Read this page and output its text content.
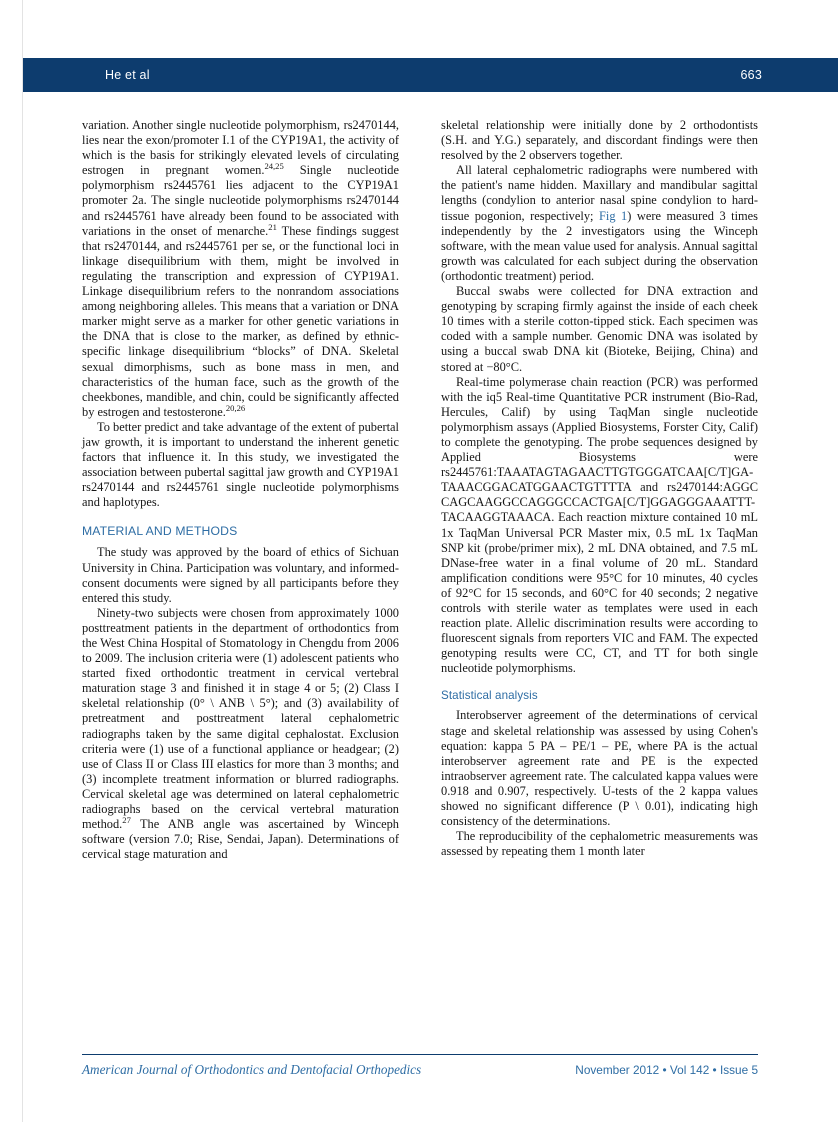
He et al	663

variation. Another single nucleotide polymorphism, rs2470144, lies near the exon/promoter I.1 of the CYP19A1, the activity of which is the basis for strikingly elevated levels of circulating estrogen in pregnant women.$^{24,25}$ Single nucleotide polymorphism rs2445761 lies adjacent to the CYP19A1 promoter 2a. The single nucleotide polymorphisms rs2470144 and rs2445761 have already been found to be associated with variations in the onset of menarche.$^{21}$ These findings suggest that rs2470144, and rs2445761 per se, or the functional loci in linkage disequilibrium with them, might be involved in regulating the transcription and expression of CYP19A1. Linkage disequilibrium refers to the nonrandom associations among neighboring alleles. This means that a variation or DNA marker might serve as a marker for other genetic variations in the DNA that is close to the marker, as defined by ethnic-specific linkage disequilibrium “blocks” of DNA. Skeletal sexual dimorphisms, such as bone mass in men, and characteristics of the human face, such as the growth of the cheekbones, mandible, and chin, could be significantly affected by estrogen and testosterone.$^{20,26}$

To better predict and take advantage of the extent of pubertal jaw growth, it is important to understand the inherent genetic factors that influence it. In this study, we investigated the association between pubertal sagittal jaw growth and CYP19A1 rs2470144 and rs2445761 single nucleotide polymorphisms and haplotypes.

MATERIAL AND METHODS

The study was approved by the board of ethics of Sichuan University in China. Participation was voluntary, and informed-consent documents were signed by all participants before they entered this study.

Ninety-two subjects were chosen from approximately 1000 posttreatment patients in the department of orthodontics from the West China Hospital of Stomatology in Chengdu from 2006 to 2009. The inclusion criteria were (1) adolescent patients who started fixed orthodontic treatment in cervical vertebral maturation stage 3 and finished it in stage 4 or 5; (2) Class I skeletal relationship (0° \ ANB \ 5°); and (3) availability of pretreatment and posttreatment lateral cephalometric radiographs taken by the same digital cephalostat. Exclusion criteria were (1) use of a functional appliance or headgear; (2) use of Class II or Class III elastics for more than 3 months; and (3) incomplete treatment information or blurred radiographs. Cervical skeletal age was determined on lateral cephalometric radiographs based on the cervical vertebral maturation method.$^{27}$ The ANB angle was ascertained by Winceph software (version 7.0; Rise, Sendai, Japan). Determinations of cervical stage maturation and

skeletal relationship were initially done by 2 orthodontists (S.H. and Y.G.) separately, and discordant findings were then resolved by the 2 observers together.

All lateral cephalometric radiographs were numbered with the patient's name hidden. Maxillary and mandibular sagittal lengths (condylion to anterior nasal spine condylion to hard-tissue pogonion, respectively; Fig 1) were measured 3 times independently by the 2 investigators using the Winceph software, with the mean value used for analysis. Annual sagittal growth was calculated for each subject during the observation (orthodontic treatment) period.

Buccal swabs were collected for DNA extraction and genotyping by scraping firmly against the inside of each cheek 10 times with a sterile cotton-tipped stick. Each specimen was coded with a sample number. Genomic DNA was isolated by using a buccal swab DNA kit (Bioteke, Beijing, China) and stored at −80°C.

Real-time polymerase chain reaction (PCR) was performed with the iq5 Real-time Quantitative PCR instrument (Bio-Rad, Hercules, Calif) by using TaqMan single nucleotide polymorphism assays (Applied Biosystems, Forster City, Calif) to complete the genotyping. The probe sequences designed by Applied Biosystems were rs2445761:TAAATAGTAGAACTTGTGGGATCAA[C/T]GA-TAAACGGACATGGAACTGTTTTA and rs2470144:AGGC CAGCAAGGCCAGGGCCACTGA[C/T]GGAGGGAAATTT-TACAAGGTAAACA. Each reaction mixture contained 10 mL 1x TaqMan Universal PCR Master mix, 0.5 mL 1x TaqMan SNP kit (probe/primer mix), 2 mL DNA obtained, and 7.5 mL DNase-free water in a final volume of 20 mL. Standard amplification conditions were 95°C for 10 minutes, 40 cycles of 92°C for 15 seconds, and 60°C for 40 seconds; 2 negative controls with sterile water as templates were used in each reaction plate. Allelic discrimination results were according to fluorescent signals from reporters VIC and FAM. The expected genotyping results were CC, CT, and TT for both single nucleotide polymorphisms.

Statistical analysis

Interobserver agreement of the determinations of cervical stage and skeletal relationship was assessed by using Cohen's equation: kappa 5 PA – PE/1 – PE, where PA is the actual interobserver agreement rate and PE is the expected intraobserver agreement rate. The calculated kappa values were 0.918 and 0.907, respectively. U-tests of the 2 kappa values showed no significant difference (P \ 0.01), indicating high consistency of the determinations.

The reproducibility of the cephalometric measurements was assessed by repeating them 1 month later

American Journal of Orthodontics and Dentofacial Orthopedics	November 2012 • Vol 142 • Issue 5
